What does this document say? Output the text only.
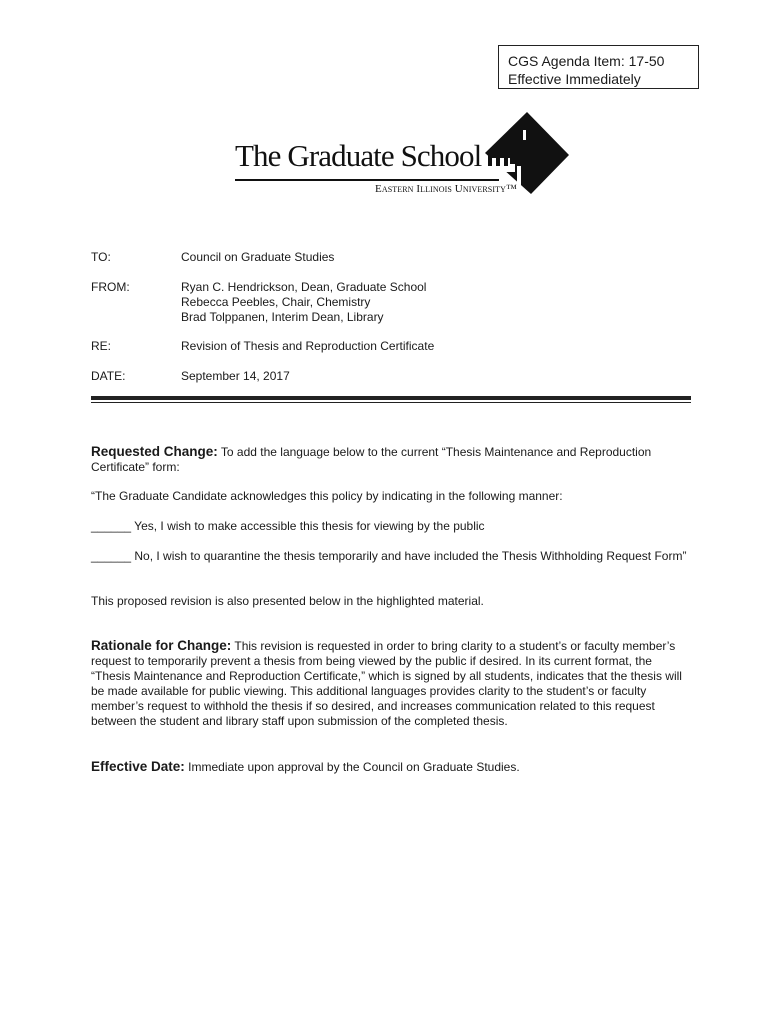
CGS Agenda Item: 17-50
Effective Immediately
The Graduate School
Eastern Illinois University™
TO:	Council on Graduate Studies
FROM:	Ryan C. Hendrickson, Dean, Graduate School
Rebecca Peebles, Chair, Chemistry
Brad Tolppanen, Interim Dean, Library
RE:	Revision of Thesis and Reproduction Certificate
DATE:	September 14, 2017
Requested Change: To add the language below to the current “Thesis Maintenance and Reproduction Certificate” form:
“The Graduate Candidate acknowledges this policy by indicating in the following manner:
______ Yes, I wish to make accessible this thesis for viewing by the public
______ No, I wish to quarantine the thesis temporarily and have included the Thesis Withholding Request Form”
This proposed revision is also presented below in the highlighted material.
Rationale for Change: This revision is requested in order to bring clarity to a student’s or faculty member’s request to temporarily prevent a thesis from being viewed by the public if desired. In its current format, the “Thesis Maintenance and Reproduction Certificate,” which is signed by all students, indicates that the thesis will be made available for public viewing. This additional languages provides clarity to the student’s or faculty member’s request to withhold the thesis if so desired, and increases communication related to this request between the student and library staff upon submission of the completed thesis.
Effective Date: Immediate upon approval by the Council on Graduate Studies.
